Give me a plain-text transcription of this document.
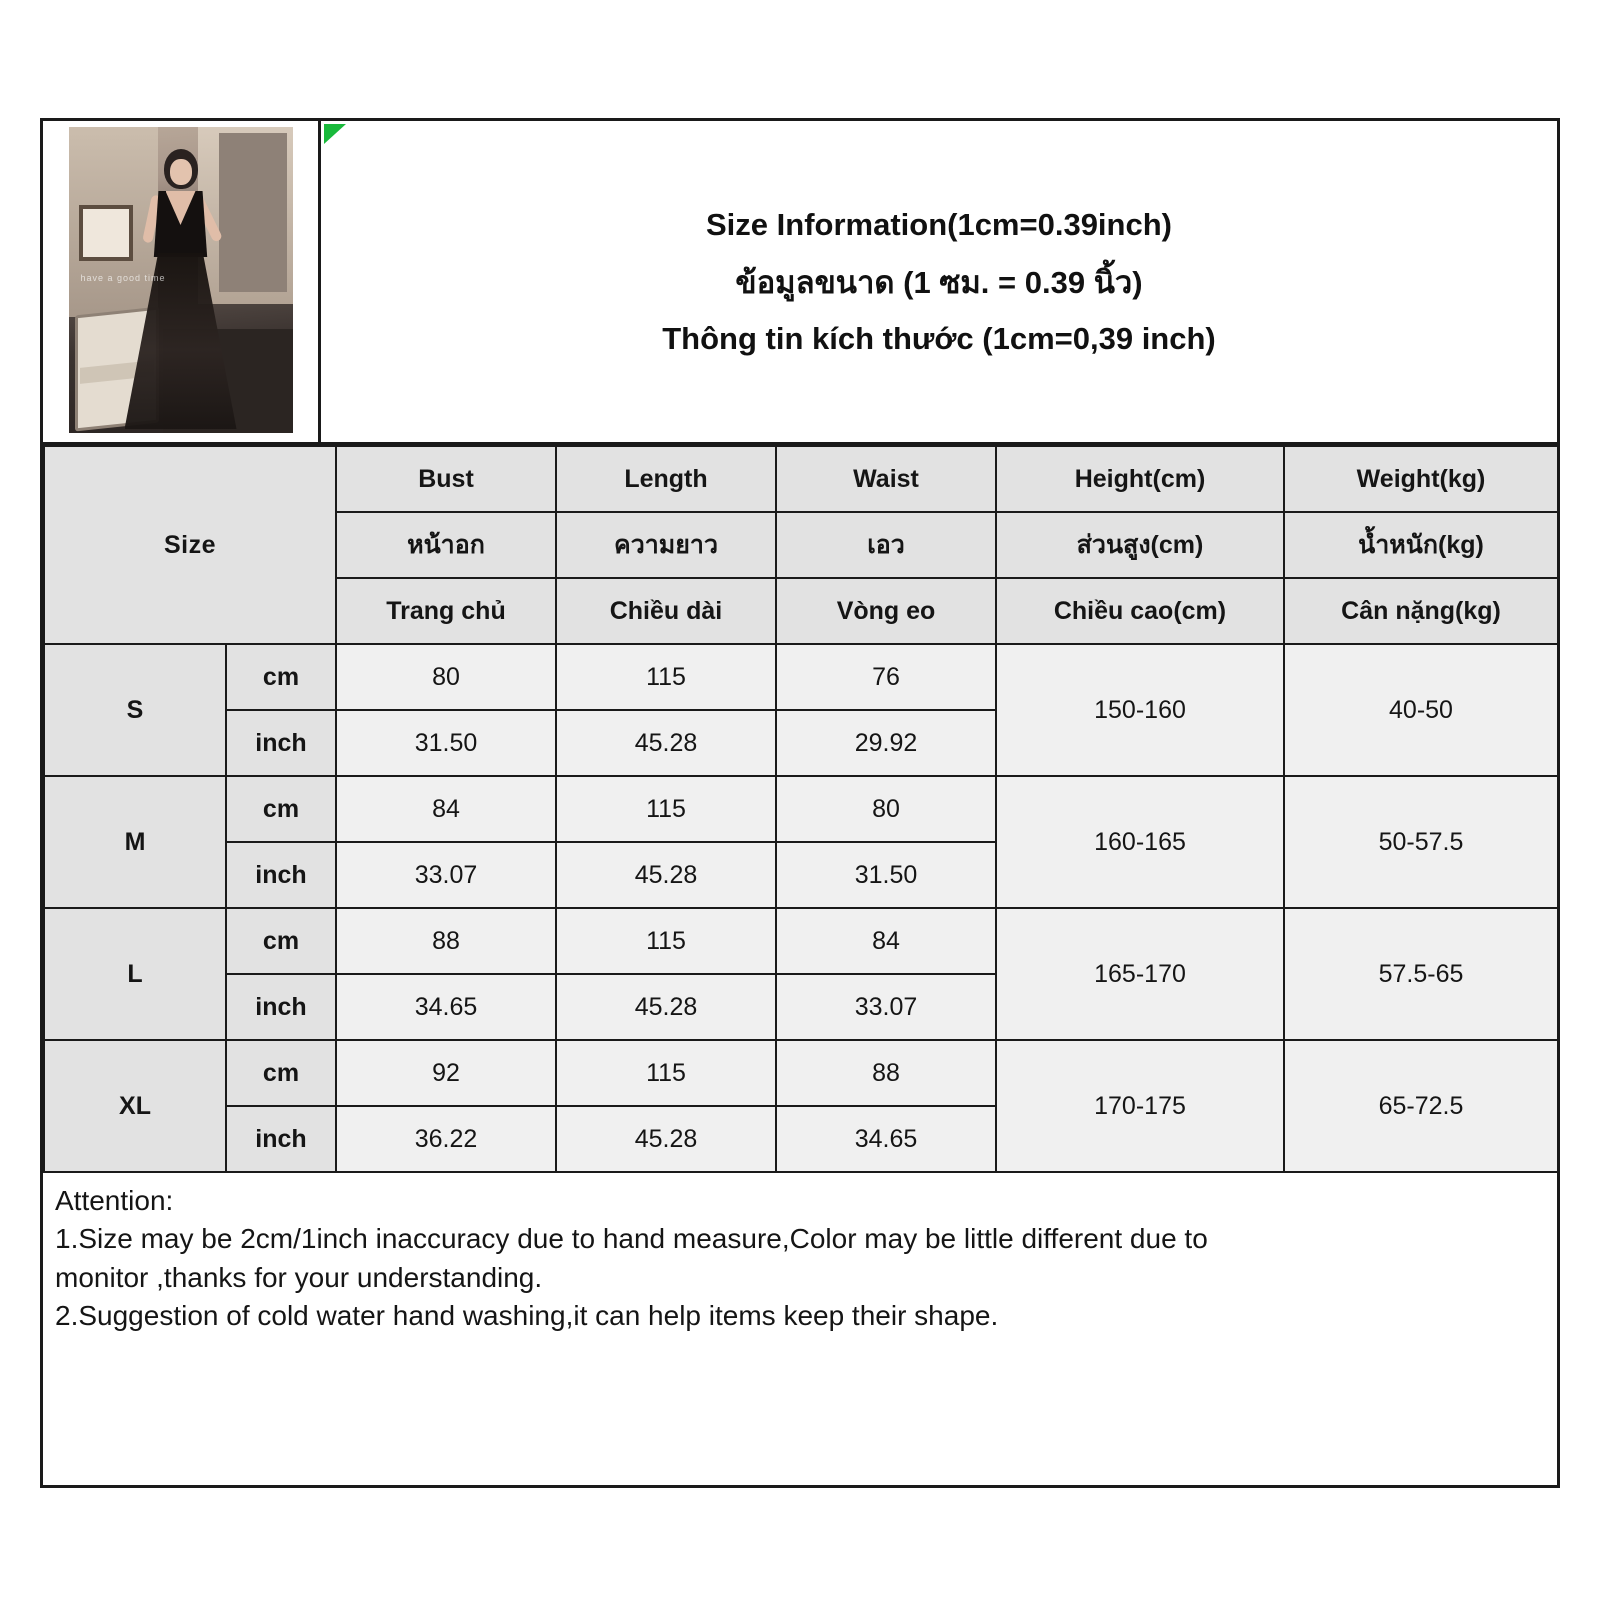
have a good time
Size Information(1cm=0.39inch)
ข้อมูลขนาด (1 ซม. = 0.39 นิ้ว)
Thông tin kích thước (1cm=0,39 inch)
Size		Bust	Length	Waist	Height(cm)	Weight(kg)
		หน้าอก	ความยาว	เอว	ส่วนสูง(cm)	น้ำหนัก(kg)
		Trang chủ	Chiều dài	Vòng eo	Chiều cao(cm)	Cân nặng(kg)
S	cm	80	115	76	150-160	40-50
	inch	31.50	45.28	29.92		
M	cm	84	115	80	160-165	50-57.5
	inch	33.07	45.28	31.50		
L	cm	88	115	84	165-170	57.5-65
	inch	34.65	45.28	33.07		
XL	cm	92	115	88	170-175	65-72.5
	inch	36.22	45.28	34.65		

Attention:

1.Size may be 2cm/1inch inaccuracy due to hand measure,Color may be little different due to

monitor ,thanks for your understanding.

2.Suggestion of cold water hand washing,it can help items keep their shape.
